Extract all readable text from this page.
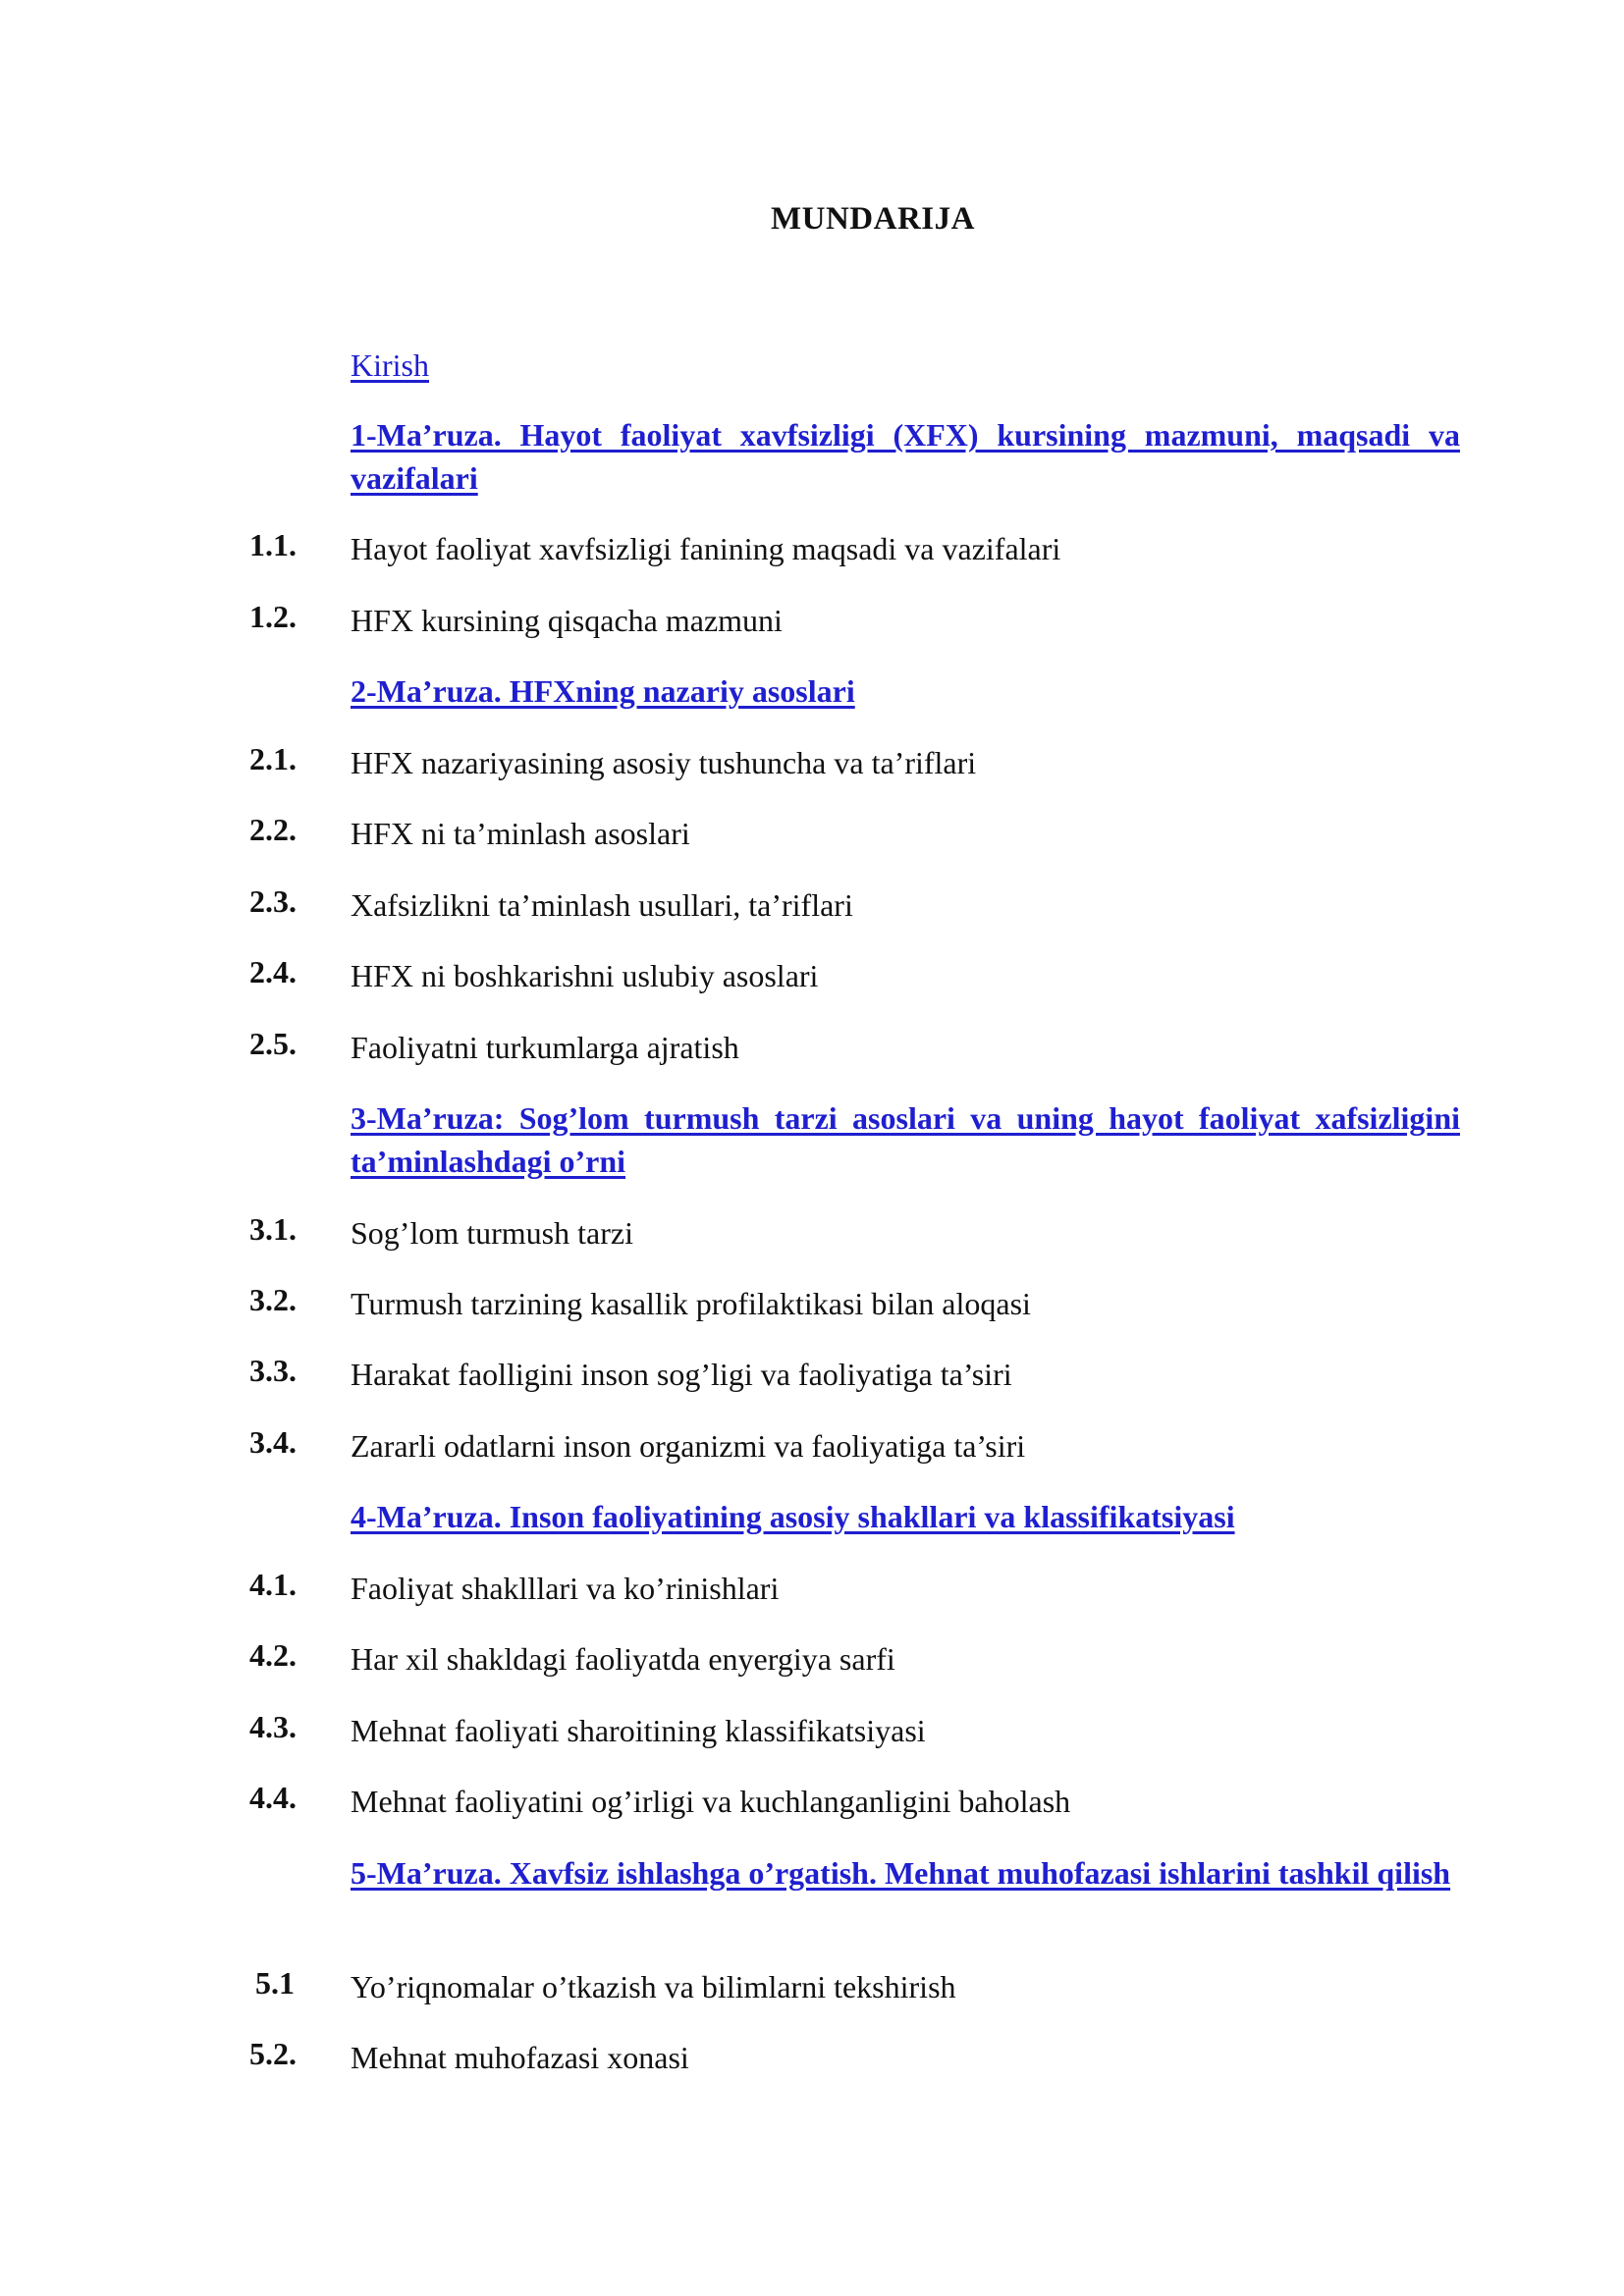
MUNDARIJA
Kirish
1-Ma’ruza. Hayot faoliyat xavfsizligi (XFX) kursining mazmuni, maqsadi va vazifalari
1.1.	Hayot faoliyat xavfsizligi fanining maqsadi va vazifalari
1.2.	HFX kursining qisqacha mazmuni
2-Ma’ruza. HFXning nazariy asoslari
2.1.	HFX nazariyasining asosiy tushuncha va ta’riflari
2.2.	HFX ni ta’minlash asoslari
2.3.	Xafsizlikni ta’minlash usullari, ta’riflari
2.4.	HFX ni boshkarishni uslubiy asoslari
2.5.	Faoliyatni turkumlarga ajratish
3-Ma’ruza: Sog’lom turmush tarzi asoslari va uning hayot faoliyat xafsizligini ta’minlashdagi o’rni
3.1.	Sog’lom turmush tarzi
3.2.	Turmush tarzining kasallik profilaktikasi bilan aloqasi
3.3.	Harakat faolligini inson sog’ligi va faoliyatiga ta’siri
3.4.	Zararli odatlarni inson organizmi va faoliyatiga ta’siri
4-Ma’ruza. Inson faoliyatining asosiy shakllari va klassifikatsiyasi
4.1.	Faoliyat shaklllari va ko’rinishlari
4.2.	Har xil shakldagi faoliyatda enyergiya sarfi
4.3.	Mehnat faoliyati sharoitining klassifikatsiyasi
4.4.	Mehnat faoliyatini og’irligi va kuchlanganligini baholash
5-Ma’ruza. Xavfsiz ishlashga o’rgatish. Mehnat muhofazasi ishlarini tashkil qilish
5.1	Yo’riqnomalar o’tkazish va bilimlarni tekshirish
5.2.	Mehnat muhofazasi xonasi
